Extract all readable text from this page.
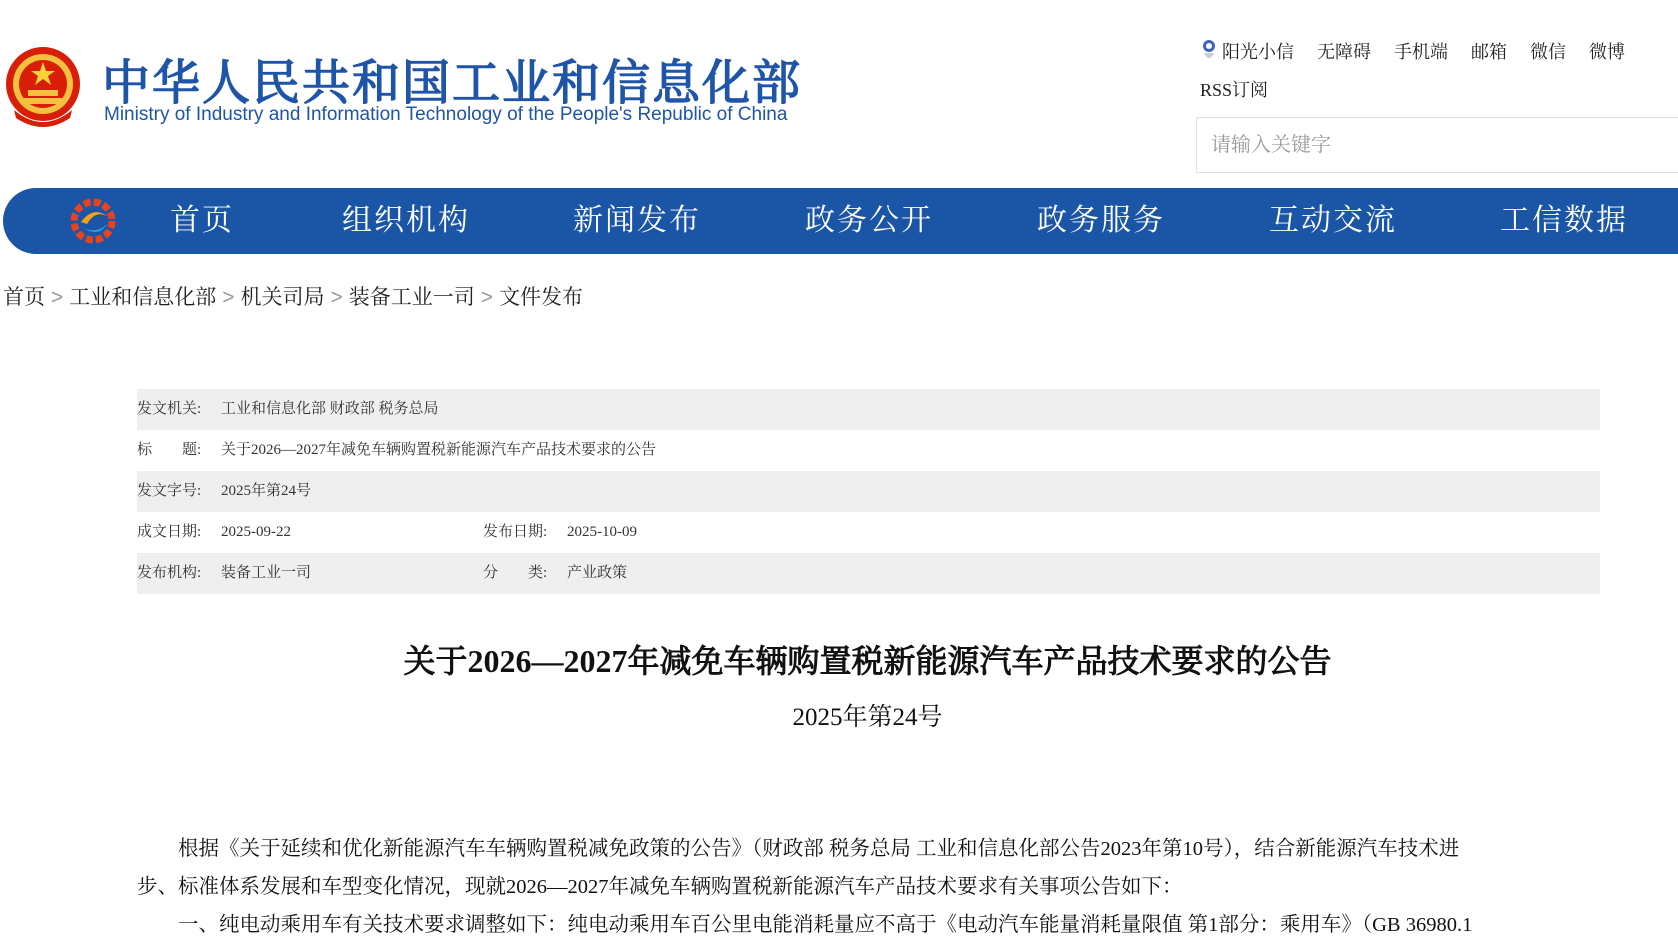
中华人民共和国工业和信息化部
Ministry of Industry and Information Technology of the People's Republic of China
阳光小信 无障碍 手机端 邮箱 微信 微博
RSS订阅
请输入关键字
首页	组织机构	新闻发布	政务公开	政务服务	互动交流	工信数据
首页 > 工业和信息化部 > 机关司局 > 装备工业一司 > 文件发布
发文机关: 工业和信息化部 财政部 税务总局
标　　题: 关于2026—2027年减免车辆购置税新能源汽车产品技术要求的公告
发文字号: 2025年第24号
成文日期: 2025-09-22	发布日期: 2025-10-09
发布机构: 装备工业一司	分　　类: 产业政策
关于2026—2027年减免车辆购置税新能源汽车产品技术要求的公告
2025年第24号
　　根据《关于延续和优化新能源汽车车辆购置税减免政策的公告》（财政部 税务总局 工业和信息化部公告2023年第10号），结合新能源汽车技术进
步、标准体系发展和车型变化情况，现就2026—2027年减免车辆购置税新能源汽车产品技术要求有关事项公告如下：
　　一、纯电动乘用车有关技术要求调整如下：纯电动乘用车百公里电能消耗量应不高于《电动汽车能量消耗量限值 第1部分：乘用车》（GB 36980.1
